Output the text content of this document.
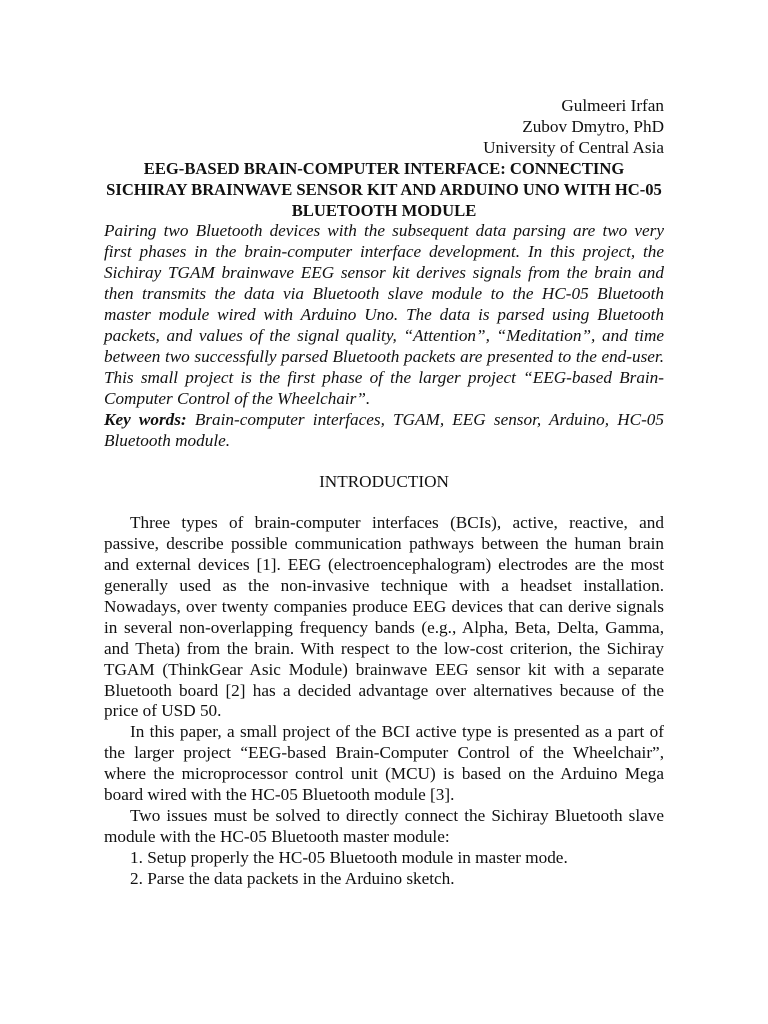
Gulmeeri Irfan
Zubov Dmytro, PhD
University of Central Asia
EEG-BASED BRAIN-COMPUTER INTERFACE: CONNECTING SICHIRAY BRAINWAVE SENSOR KIT AND ARDUINO UNO WITH HC-05 BLUETOOTH MODULE

Pairing two Bluetooth devices with the subsequent data parsing are two very first phases in the brain-computer interface development. In this project, the Sichiray TGAM brainwave EEG sensor kit derives signals from the brain and then transmits the data via Bluetooth slave module to the HC-05 Bluetooth master module wired with Arduino Uno. The data is parsed using Bluetooth packets, and values of the signal quality, “Attention”, “Meditation”, and time between two successfully parsed Bluetooth packets are presented to the end-user. This small project is the first phase of the larger project “EEG-based Brain-Computer Control of the Wheelchair”.

Key words: Brain-computer interfaces, TGAM, EEG sensor, Arduino, HC-05 Bluetooth module.

INTRODUCTION

Three types of brain-computer interfaces (BCIs), active, reactive, and passive, describe possible communication pathways between the human brain and external devices [1]. EEG (electroencephalogram) electrodes are the most generally used as the non-invasive technique with a headset installation. Nowadays, over twenty companies produce EEG devices that can derive signals in several non-overlapping frequency bands (e.g., Alpha, Beta, Delta, Gamma, and Theta) from the brain. With respect to the low-cost criterion, the Sichiray TGAM (ThinkGear Asic Module) brainwave EEG sensor kit with a separate Bluetooth board [2] has a decided advantage over alternatives because of the price of USD 50.

In this paper, a small project of the BCI active type is presented as a part of the larger project “EEG-based Brain-Computer Control of the Wheelchair”, where the microprocessor control unit (MCU) is based on the Arduino Mega board wired with the HC-05 Bluetooth module [3].

Two issues must be solved to directly connect the Sichiray Bluetooth slave module with the HC-05 Bluetooth master module:

1. Setup properly the HC-05 Bluetooth module in master mode.

2. Parse the data packets in the Arduino sketch.
